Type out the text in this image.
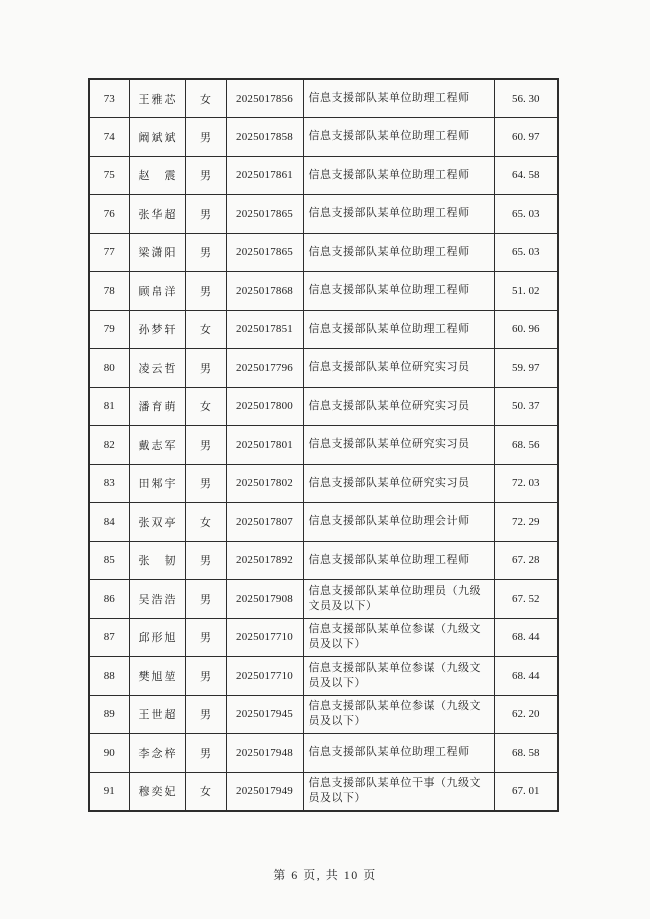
73	王雅芯	女	2025017856	信息支援部队某单位助理工程师	56. 30
74	阚斌斌	男	2025017858	信息支援部队某单位助理工程师	60. 97
75	赵　震	男	2025017861	信息支援部队某单位助理工程师	64. 58
76	张华超	男	2025017865	信息支援部队某单位助理工程师	65. 03
77	梁潇阳	男	2025017865	信息支援部队某单位助理工程师	65. 03
78	顾帛洋	男	2025017868	信息支援部队某单位助理工程师	51. 02
79	孙梦轩	女	2025017851	信息支援部队某单位助理工程师	60. 96
80	凌云哲	男	2025017796	信息支援部队某单位研究实习员	59. 97
81	潘育萌	女	2025017800	信息支援部队某单位研究实习员	50. 37
82	戴志军	男	2025017801	信息支援部队某单位研究实习员	68. 56
83	田邾宇	男	2025017802	信息支援部队某单位研究实习员	72. 03
84	张双亭	女	2025017807	信息支援部队某单位助理会计师	72. 29
85	张　韧	男	2025017892	信息支援部队某单位助理工程师	67. 28
86	吴浩浩	男	2025017908	信息支援部队某单位助理员（九级文员及以下）	67. 52
87	邱形旭	男	2025017710	信息支援部队某单位参谋（九级文员及以下）	68. 44
88	樊旭堃	男	2025017710	信息支援部队某单位参谋（九级文员及以下）	68. 44
89	王世超	男	2025017945	信息支援部队某单位参谋（九级文员及以下）	62. 20
90	李念梓	男	2025017948	信息支援部队某单位助理工程师	68. 58
91	穆奕妃	女	2025017949	信息支援部队某单位干事（九级文员及以下）	67. 01
第 6 页, 共 10 页
